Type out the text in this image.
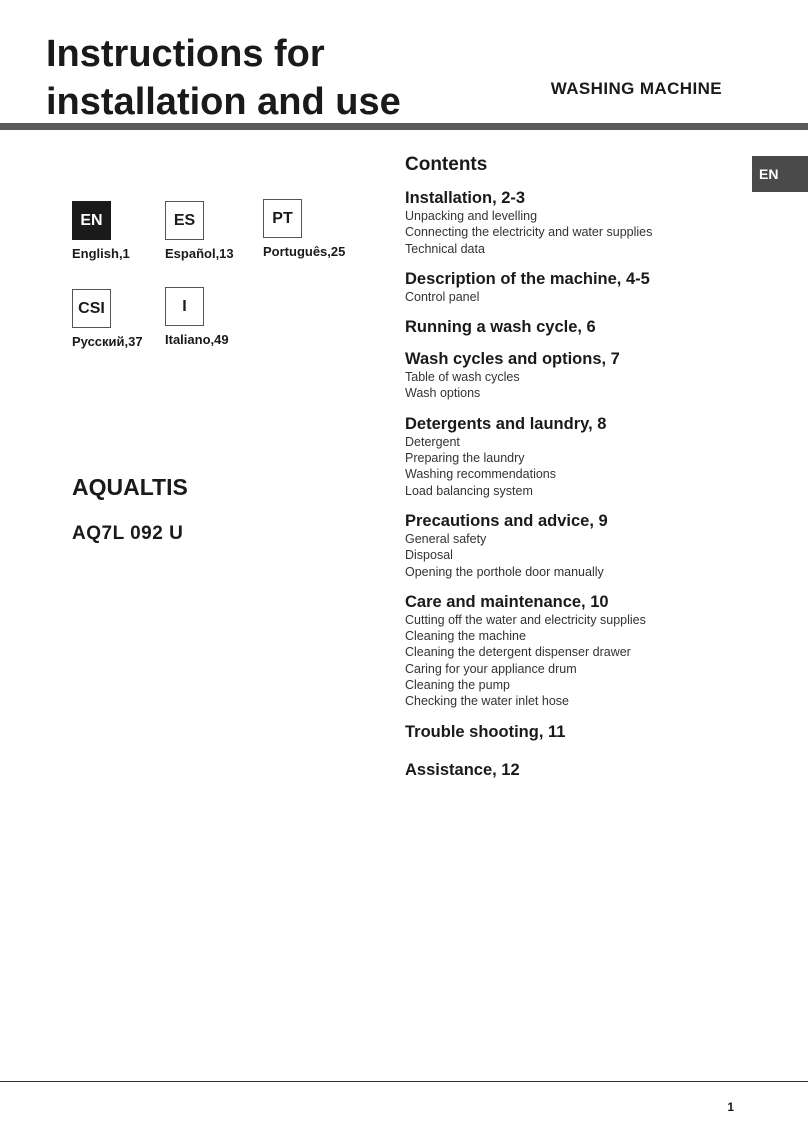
Instructions for
installation and use	WASHING MACHINE
EN
English,1
ES
Español,13
PT
Português,25
CSI
Русский,37
I
Italiano,49
AQUALTIS
AQ7L 092 U
Contents
Installation, 2-3
Unpacking and levelling
Connecting the electricity and water supplies
Technical data
Description of the machine, 4-5
Control panel
Running a wash cycle, 6
Wash cycles and options, 7
Table of wash cycles
Wash options
Detergents and laundry, 8
Detergent
Preparing the laundry
Washing recommendations
Load balancing system
Precautions and advice, 9
General safety
Disposal
Opening the porthole door manually
Care and maintenance, 10
Cutting off the water and electricity supplies
Cleaning the machine
Cleaning the detergent dispenser drawer
Caring for your appliance drum
Cleaning the pump
Checking the water inlet hose
Trouble shooting, 11
Assistance, 12
EN
1
